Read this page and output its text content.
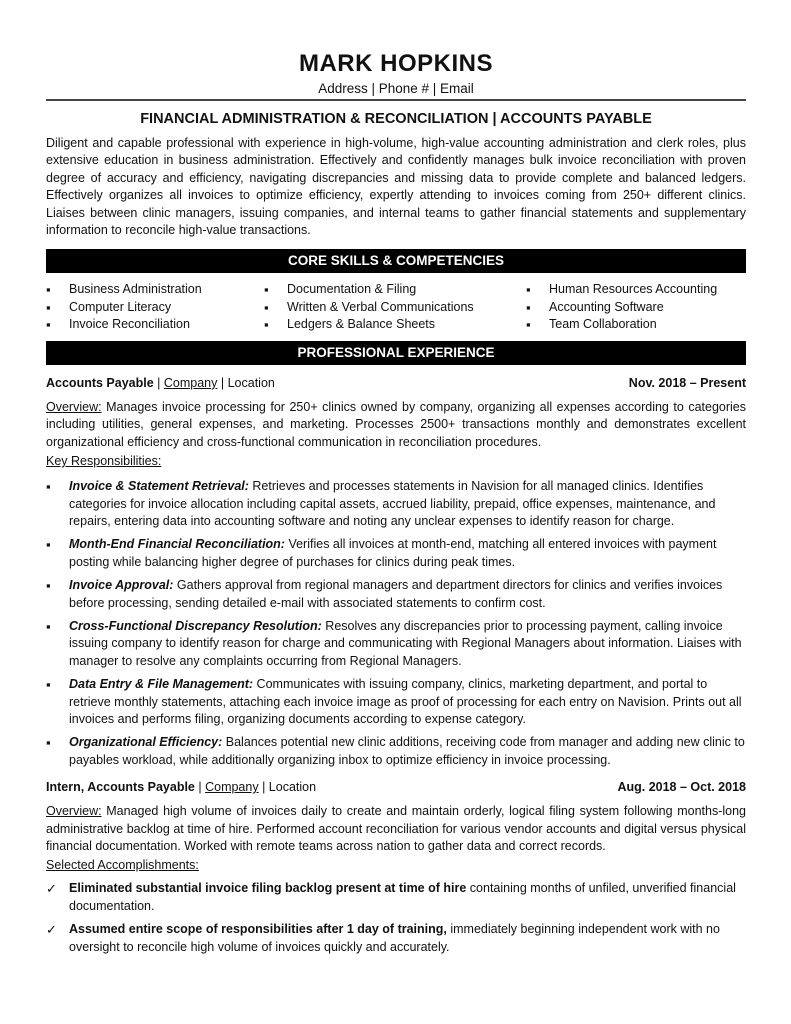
MARK HOPKINS
Address | Phone # | Email
FINANCIAL ADMINISTRATION & RECONCILIATION | ACCOUNTS PAYABLE
Diligent and capable professional with experience in high-volume, high-value accounting administration and clerk roles, plus extensive education in business administration. Effectively and confidently manages bulk invoice reconciliation with proven degree of accuracy and efficiency, navigating discrepancies and missing data to provide complete and balanced ledgers. Effectively organizes all invoices to optimize efficiency, expertly attending to invoices coming from 250+ different clinics. Liaises between clinic managers, issuing companies, and internal teams to gather financial statements and supplementary information to reconcile high-value transactions.
CORE SKILLS & COMPETENCIES
▪ Business Administration
▪ Computer Literacy
▪ Invoice Reconciliation
▪ Documentation & Filing
▪ Written & Verbal Communications
▪ Ledgers & Balance Sheets
▪ Human Resources Accounting
▪ Accounting Software
▪ Team Collaboration
PROFESSIONAL EXPERIENCE
Accounts Payable | Company | Location	Nov. 2018 – Present
Overview: Manages invoice processing for 250+ clinics owned by company, organizing all expenses according to categories including utilities, general expenses, and marketing. Processes 2500+ transactions monthly and demonstrates excellent organizational efficiency and cross-functional communication in reconciliation procedures.
Key Responsibilities:
▪ Invoice & Statement Retrieval: Retrieves and processes statements in Navision for all managed clinics. Identifies categories for invoice allocation including capital assets, accrued liability, prepaid, office expenses, maintenance, and repairs, entering data into accounting software and noting any unclear expenses to identify reason for charge.
▪ Month-End Financial Reconciliation: Verifies all invoices at month-end, matching all entered invoices with payment posting while balancing higher degree of purchases for clinics during peak times.
▪ Invoice Approval: Gathers approval from regional managers and department directors for clinics and verifies invoices before processing, sending detailed e-mail with associated statements to confirm cost.
▪ Cross-Functional Discrepancy Resolution: Resolves any discrepancies prior to processing payment, calling invoice issuing company to identify reason for charge and communicating with Regional Managers about information. Liaises with manager to resolve any complaints occurring from Regional Managers.
▪ Data Entry & File Management: Communicates with issuing company, clinics, marketing department, and portal to retrieve monthly statements, attaching each invoice image as proof of processing for each entry on Navision. Prints out all invoices and performs filing, organizing documents according to expense category.
▪ Organizational Efficiency: Balances potential new clinic additions, receiving code from manager and adding new clinic to payables workload, while additionally organizing inbox to optimize efficiency in invoice processing.
Intern, Accounts Payable | Company | Location	Aug. 2018 – Oct. 2018
Overview: Managed high volume of invoices daily to create and maintain orderly, logical filing system following months-long administrative backlog at time of hire. Performed account reconciliation for various vendor accounts and digital versus physical financial documentation. Worked with remote teams across nation to gather data and correct records.
Selected Accomplishments:
✓ Eliminated substantial invoice filing backlog present at time of hire containing months of unfiled, unverified financial documentation.
✓ Assumed entire scope of responsibilities after 1 day of training, immediately beginning independent work with no oversight to reconcile high volume of invoices quickly and accurately.
